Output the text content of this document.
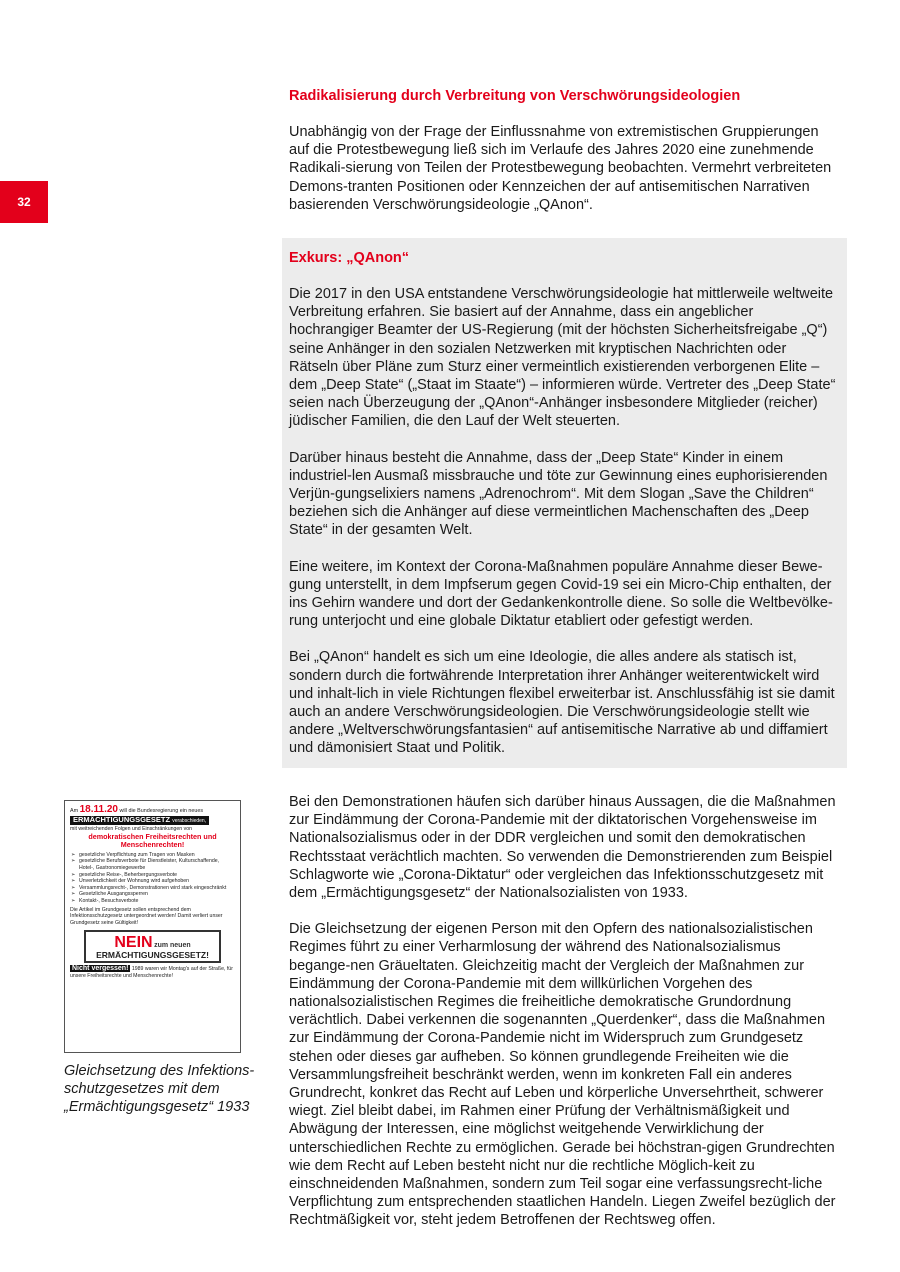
32
Radikalisierung durch Verbreitung von Verschwörungsideologien

Unabhängig von der Frage der Einflussnahme von extremistischen Gruppierungen auf die Protestbewegung ließ sich im Verlaufe des Jahres 2020 eine zunehmende Radikali-sierung von Teilen der Protestbewegung beobachten. Vermehrt verbreiteten Demons-tranten Positionen oder Kennzeichen der auf antisemitischen Narrativen basierenden Verschwörungsideologie „QAnon“.

Exkurs: „QAnon“

Die 2017 in den USA entstandene Verschwörungsideologie hat mittlerweile weltweite Verbreitung erfahren. Sie basiert auf der Annahme, dass ein angeblicher hochrangiger Beamter der US-Regierung (mit der höchsten Sicherheitsfreigabe „Q“) seine Anhänger in den sozialen Netzwerken mit kryptischen Nachrichten oder Rätseln über Pläne zum Sturz einer vermeintlich existierenden verborgenen Elite – dem „Deep State“ („Staat im Staate“) – informieren würde. Vertreter des „Deep State“ seien nach Überzeugung der „QAnon“-Anhänger insbesondere Mitglieder (reicher) jüdischer Familien, die den Lauf der Welt steuerten.

Darüber hinaus besteht die Annahme, dass der „Deep State“ Kinder in einem industriel-len Ausmaß missbrauche und töte zur Gewinnung eines euphorisierenden Verjün-gungselixiers namens „Adrenochrom“. Mit dem Slogan „Save the Children“ beziehen sich die Anhänger auf diese vermeintlichen Machenschaften des „Deep State“ in der gesamten Welt.

Eine weitere, im Kontext der Corona-Maßnahmen populäre Annahme dieser Bewe-gung unterstellt, in dem Impfserum gegen Covid-19 sei ein Micro-Chip enthalten, der ins Gehirn wandere und dort der Gedankenkontrolle diene. So solle die Weltbevölke-rung unterjocht und eine globale Diktatur etabliert oder gefestigt werden.

Bei „QAnon“ handelt es sich um eine Ideologie, die alles andere als statisch ist, sondern durch die fortwährende Interpretation ihrer Anhänger weiterentwickelt wird und inhalt-lich in viele Richtungen flexibel erweiterbar ist. Anschlussfähig ist sie damit auch an andere Verschwörungsideologien. Die Verschwörungsideologie stellt wie andere „Weltverschwörungsfantasien“ auf antisemitische Narrative ab und diffamiert und dämonisiert Staat und Politik.

Bei den Demonstrationen häufen sich darüber hinaus Aussagen, die die Maßnahmen zur Eindämmung der Corona-Pandemie mit der diktatorischen Vorgehensweise im Nationalsozialismus oder in der DDR vergleichen und somit den demokratischen Rechtsstaat verächtlich machten. So verwenden die Demonstrierenden zum Beispiel Schlagworte wie „Corona-Diktatur“ oder vergleichen das Infektionsschutzgesetz mit dem „Ermächtigungsgesetz“ der Nationalsozialisten von 1933.

Die Gleichsetzung der eigenen Person mit den Opfern des nationalsozialistischen Regimes führt zu einer Verharmlosung der während des Nationalsozialismus begange-nen Gräueltaten. Gleichzeitig macht der Vergleich der Maßnahmen zur Eindämmung der Corona-Pandemie mit dem willkürlichen Vorgehen des nationalsozialistischen Regimes die freiheitliche demokratische Grundordnung verächtlich. Dabei verkennen die sogenannten „Querdenker“, dass die Maßnahmen zur Eindämmung der Corona-Pandemie nicht im Widerspruch zum Grundgesetz stehen oder dieses gar aufheben. So können grundlegende Freiheiten wie die Versammlungsfreiheit beschränkt werden, wenn im konkreten Fall ein anderes Grundrecht, konkret das Recht auf Leben und körperliche Unversehrtheit, schwerer wiegt. Ziel bleibt dabei, im Rahmen einer Prüfung der Verhältnismäßigkeit und Abwägung der Interessen, eine möglichst weitgehende Verwirklichung der unterschiedlichen Rechte zu ermöglichen. Gerade bei höchstran-gigen Grundrechten wie dem Recht auf Leben besteht nicht nur die rechtliche Möglich-keit zu einschneidenden Maßnahmen, sondern zum Teil sogar eine verfassungsrecht-liche Verpflichtung zum entsprechenden staatlichen Handeln. Liegen Zweifel bezüglich der Rechtmäßigkeit vor, steht jedem Betroffenen der Rechtsweg offen.

Am 18.11.20 will die Bundesregierung ein neues
ERMÄCHTIGUNGSGESETZ verabschieden,
mit weitreichenden Folgen und Einschränkungen von
demokratischen Freiheitsrechten und Menschenrechten!
➢ gesetzliche Verpflichtung zum Tragen von Masken
➢ gesetzliche Berufsverbote für Dienstleister, Kulturschaffende, Hotel-, Gastronomiegewerbe
➢ gesetzliche Reise-, Beherbergungsverbote
➢ Unverletzlichkeit der Wohnung wird aufgehoben
➢ Versammlungsrecht-, Demonstrationen wird stark eingeschränkt
➢ Gesetzliche Ausgangssperren
➢ Kontakt-, Besuchsverbote
Die Artikel im Grundgesetz sollen entsprechend dem Infektionsschutzgesetz untergeordnet werden! Damit verliert unser Grundgesetz seine Gültigkeit!
NEIN zum neuen
ERMÄCHTIGUNGSGESETZ!
Nicht vergessen! 1989 waren wir Montag's auf der Straße, für unsere Freiheitsrechte und Menschenrechte!
Gleichsetzung des Infektions-schutzgesetzes mit dem „Ermächtigungsgesetz“ 1933
